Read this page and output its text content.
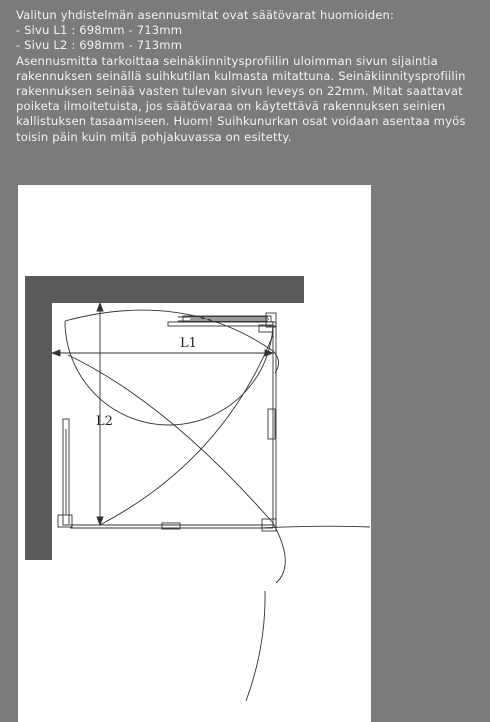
Valitun yhdistelmän asennusmitat ovat säätövarat huomioiden:
- Sivu L1 : 698mm - 713mm
- Sivu L2 : 698mm - 713mm
Asennusmitta tarkoittaa seinäkiinnitysprofiilin uloimman sivun sijaintia
rakennuksen seinällä suihkutilan kulmasta mitattuna. Seinäkiinnitysprofiilin
rakennuksen seinää vasten tulevan sivun leveys on 22mm. Mitat saattavat
poiketa ilmoitetuista, jos säätövaraa on käytettävä rakennuksen seinien
kallistuksen tasaamiseen. Huom! Suihkunurkan osat voidaan asentaa myös
toisin päin kuin mitä pohjakuvassa on esitetty.
L1
L2
